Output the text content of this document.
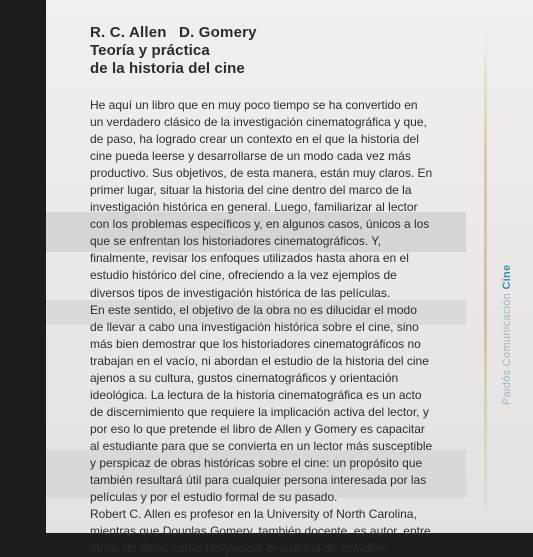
R. C. Allen D. Gomery
Teoría y práctica
de la historia del cine
He aquí un libro que en muy poco tiempo se ha convertido en
un verdadero clásico de la investigación cinematográfica y que,
de paso, ha logrado crear un contexto en el que la historia del
cine pueda leerse y desarrollarse de un modo cada vez más
productivo. Sus objetivos, de esta manera, están muy claros. En
primer lugar, situar la historia del cine dentro del marco de la
investigación histórica en general. Luego, familiarizar al lector
con los problemas específicos y, en algunos casos, únicos a los
que se enfrentan los historiadores cinematográficos. Y,
finalmente, revisar los enfoques utilizados hasta ahora en el
estudio histórico del cine, ofreciendo a la vez ejemplos de
diversos tipos de investigación histórica de las películas.
En este sentido, el objetivo de la obra no es dilucidar el modo
de llevar a cabo una investigación histórica sobre el cine, sino
más bien demostrar que los historiadores cinematográficos no
trabajan en el vacío, ni abordan el estudio de la historia del cine
ajenos a su cultura, gustos cinematográficos y orientación
ideológica. La lectura de la historia cinematográfica es un acto
de discernimiento que requiere la implicación activa del lector, y
por eso lo que pretende el libro de Allen y Gomery es capacitar
al estudiante para que se convierta en un lector más susceptible
y perspicaz de obras históricas sobre el cine: un propósito que
también resultará útil para cualquier persona interesada por las
películas y por el estudio formal de su pasado.
Robert C. Allen es profesor en la University of North Carolina,
mientras que Douglas Gomery, también docente, es autor, entre
otros, de libros como Hollywood: el sistema de estudios.
Paidós Comunicación Cine
